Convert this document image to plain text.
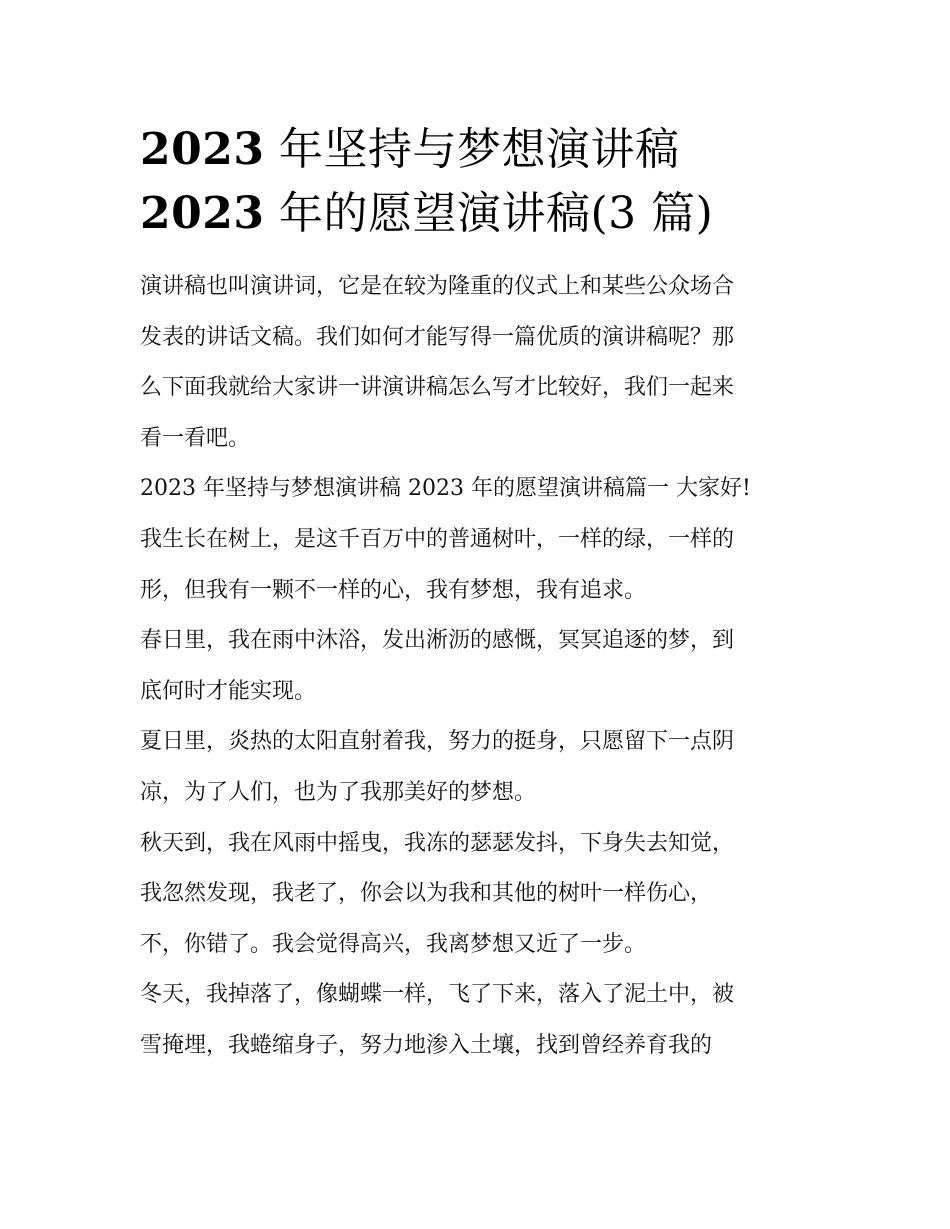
2023 年坚持与梦想演讲稿
2023 年的愿望演讲稿(3 篇)

演讲稿也叫演讲词，它是在较为隆重的仪式上和某些公众场合
发表的讲话文稿。我们如何才能写得一篇优质的演讲稿呢？那
么下面我就给大家讲一讲演讲稿怎么写才比较好，我们一起来
看一看吧。

2023 年坚持与梦想演讲稿 2023 年的愿望演讲稿篇一 大家好!

我生长在树上，是这千百万中的普通树叶，一样的绿，一样的
形，但我有一颗不一样的心，我有梦想，我有追求。

春日里，我在雨中沐浴，发出淅沥的感慨，冥冥追逐的梦，到
底何时才能实现。

夏日里，炎热的太阳直射着我，努力的挺身，只愿留下一点阴
凉，为了人们，也为了我那美好的梦想。

秋天到，我在风雨中摇曳，我冻的瑟瑟发抖，下身失去知觉，
我忽然发现，我老了，你会以为我和其他的树叶一样伤心，
不，你错了。我会觉得高兴，我离梦想又近了一步。

冬天，我掉落了，像蝴蝶一样，飞了下来，落入了泥土中，被
雪掩埋，我蜷缩身子，努力地渗入土壤，找到曾经养育我的
